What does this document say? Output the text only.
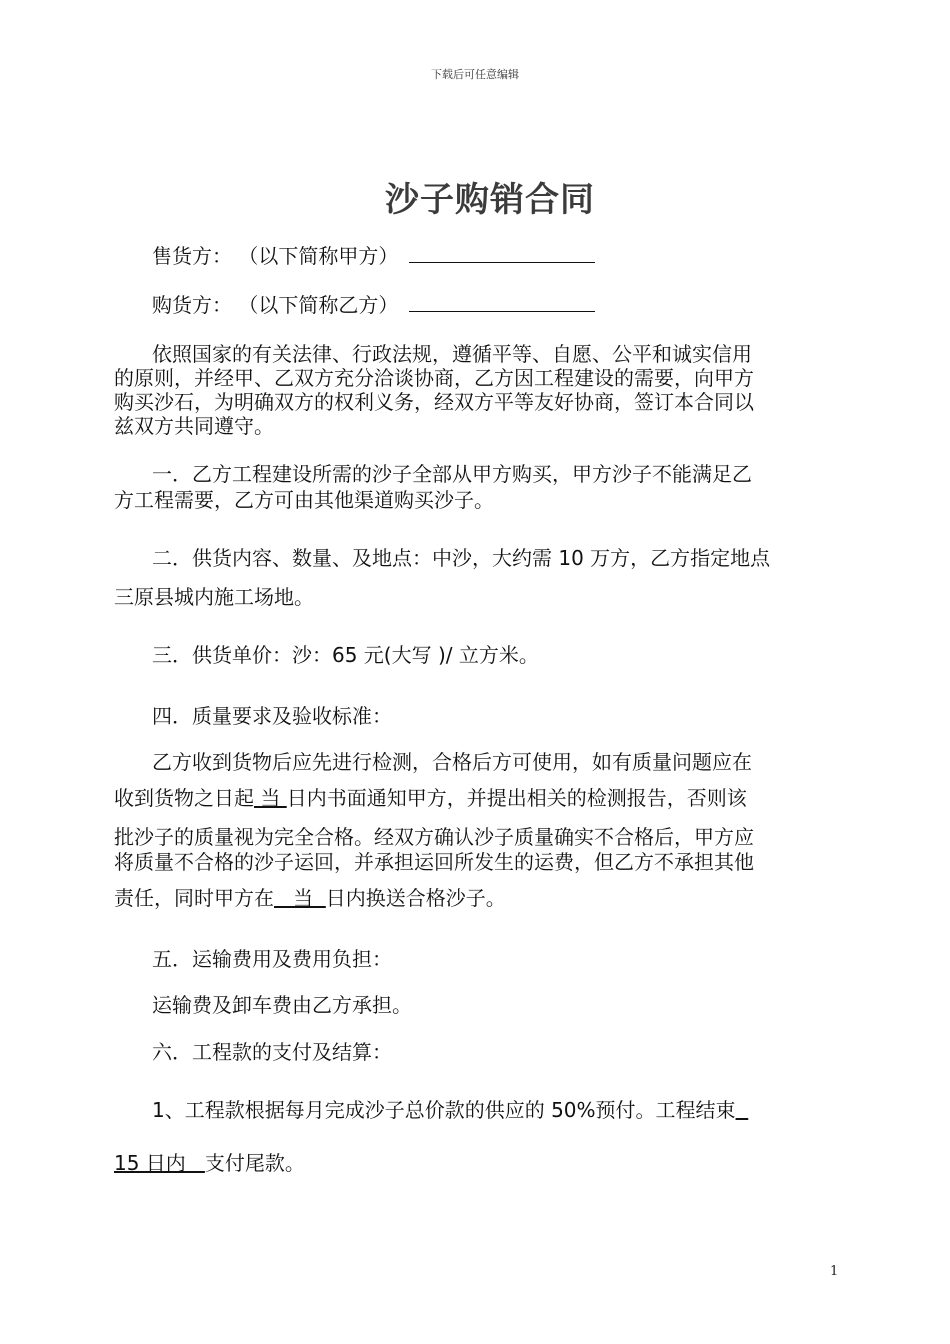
下载后可任意编辑
沙子购销合同
售货方： （以下简称甲方）
购货方： （以下简称乙方）
依照国家的有关法律、行政法规，遵循平等、自愿、公平和诚实信用
的原则，并经甲、乙双方充分洽谈协商，乙方因工程建设的需要，向甲方
购买沙石，为明确双方的权利义务，经双方平等友好协商，签订本合同以
兹双方共同遵守。
一．乙方工程建设所需的沙子全部从甲方购买，甲方沙子不能满足乙
方工程需要，乙方可由其他渠道购买沙子。
二．供货内容、数量、及地点：中沙，大约需 10 万方，乙方指定地点
三原县城内施工场地。
三．供货单价：沙：65 元(大写 )/ 立方米。
四．质量要求及验收标准：
乙方收到货物后应先进行检测，合格后方可使用，如有质量问题应在
收到货物之日起 当 日内书面通知甲方，并提出相关的检测报告，否则该
批沙子的质量视为完全合格。经双方确认沙子质量确实不合格后，甲方应
将质量不合格的沙子运回，并承担运回所发生的运费，但乙方不承担其他
责任，同时甲方在   当  日内换送合格沙子。
五．运输费用及费用负担：
运输费及卸车费由乙方承担。
六．工程款的支付及结算：
1、工程款根据每月完成沙子总价款的供应的 50%预付。工程结束
15 日内   支付尾款。
1
